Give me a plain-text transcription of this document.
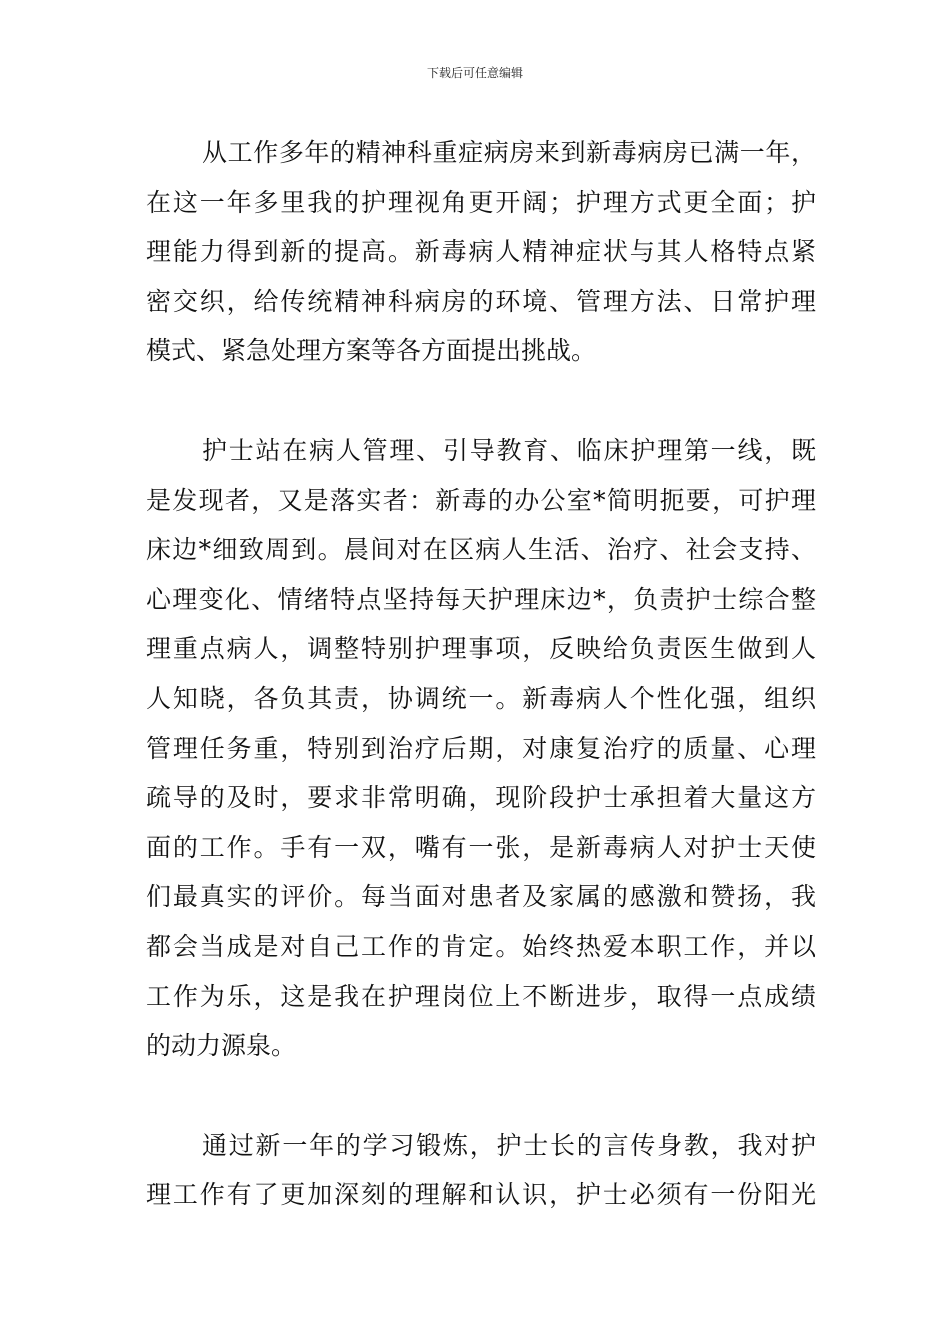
下载后可任意编辑
从工作多年的精神科重症病房来到新毒病房已满一年，
在这一年多里我的护理视角更开阔；护理方式更全面；护
理能力得到新的提高。新毒病人精神症状与其人格特点紧
密交织，给传统精神科病房的环境、管理方法、日常护理
模式、紧急处理方案等各方面提出挑战。
护士站在病人管理、引导教育、临床护理第一线，既
是发现者，又是落实者：新毒的办公室*简明扼要，可护理
床边*细致周到。晨间对在区病人生活、治疗、社会支持、
心理变化、情绪特点坚持每天护理床边*，负责护士综合整
理重点病人，调整特别护理事项，反映给负责医生做到人
人知晓，各负其责，协调统一。新毒病人个性化强，组织
管理任务重，特别到治疗后期，对康复治疗的质量、心理
疏导的及时，要求非常明确，现阶段护士承担着大量这方
面的工作。手有一双，嘴有一张，是新毒病人对护士天使
们最真实的评价。每当面对患者及家属的感激和赞扬，我
都会当成是对自己工作的肯定。始终热爱本职工作，并以
工作为乐，这是我在护理岗位上不断进步，取得一点成绩
的动力源泉。
通过新一年的学习锻炼，护士长的言传身教，我对护
理工作有了更加深刻的理解和认识，护士必须有一份阳光
